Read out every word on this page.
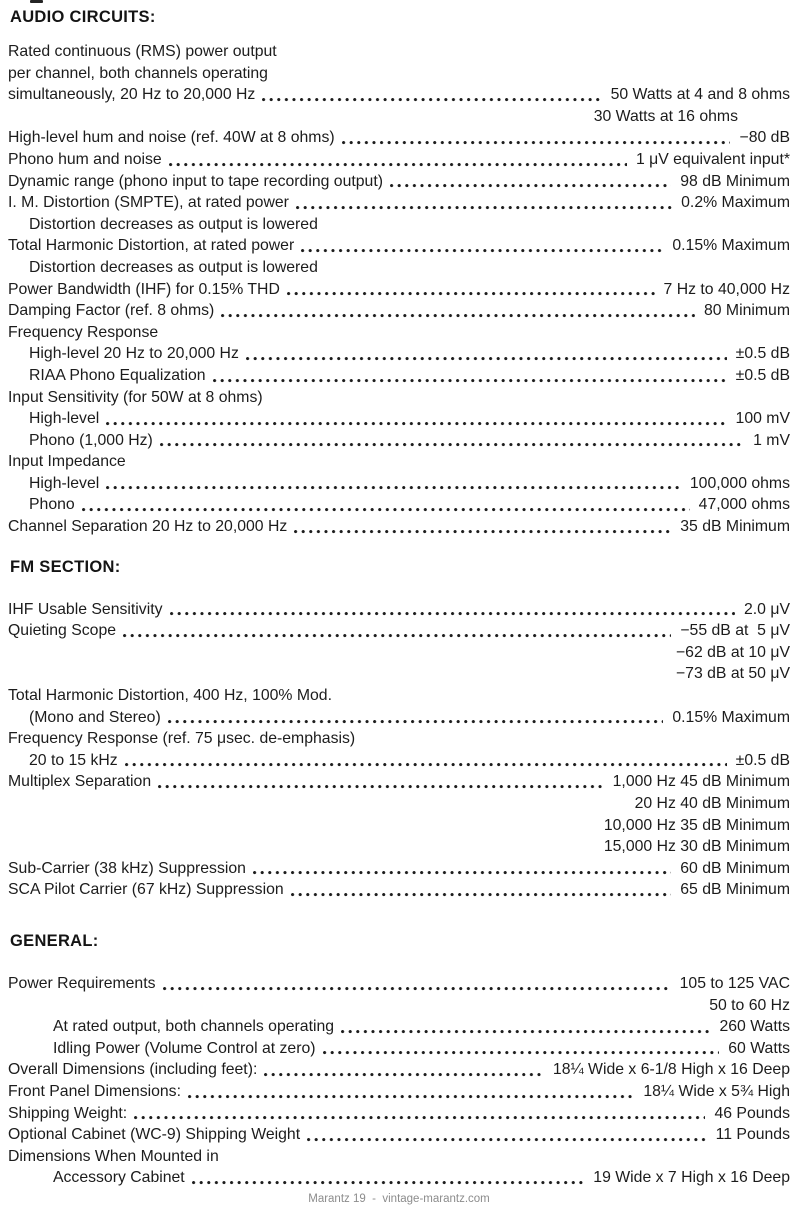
AUDIO CIRCUITS:
Rated continuous (RMS) power output
per channel, both channels operating
simultaneously, 20 Hz to 20,000 Hz	50 Watts at 4 and 8 ohms
30 Watts at 16 ohms
High-level hum and noise (ref. 40W at 8 ohms)	−80 dB
Phono hum and noise	1 μV equivalent input*
Dynamic range (phono input to tape recording output)	98 dB Minimum
I. M. Distortion (SMPTE), at rated power	0.2% Maximum
Distortion decreases as output is lowered
Total Harmonic Distortion, at rated power	0.15% Maximum
Distortion decreases as output is lowered
Power Bandwidth (IHF) for 0.15% THD	7 Hz to 40,000 Hz
Damping Factor (ref. 8 ohms)	80 Minimum
Frequency Response
High-level 20 Hz to 20,000 Hz	±0.5 dB
RIAA Phono Equalization	±0.5 dB
Input Sensitivity (for 50W at 8 ohms)
High-level	100 mV
Phono (1,000 Hz)	1 mV
Input Impedance
High-level	100,000 ohms
Phono	47,000 ohms
Channel Separation 20 Hz to 20,000 Hz	35 dB Minimum
FM SECTION:
IHF Usable Sensitivity	2.0 μV
Quieting Scope	−55 dB at  5 μV
−62 dB at 10 μV
−73 dB at 50 μV
Total Harmonic Distortion, 400 Hz, 100% Mod.
(Mono and Stereo)	0.15% Maximum
Frequency Response (ref. 75 μsec. de-emphasis)
20 to 15 kHz	±0.5 dB
Multiplex Separation	1,000 Hz 45 dB Minimum
20 Hz 40 dB Minimum
10,000 Hz 35 dB Minimum
15,000 Hz 30 dB Minimum
Sub-Carrier (38 kHz) Suppression	60 dB Minimum
SCA Pilot Carrier (67 kHz) Suppression	65 dB Minimum
GENERAL:
Power Requirements	105 to 125 VAC
50 to 60 Hz
At rated output, both channels operating	260 Watts
Idling Power (Volume Control at zero)	60 Watts
Overall Dimensions (including feet):	18¼ Wide x 6-1/8 High x 16 Deep
Front Panel Dimensions:	18¼ Wide x 5¾ High
Shipping Weight:	46 Pounds
Optional Cabinet (WC-9) Shipping Weight	11 Pounds
Dimensions When Mounted in
Accessory Cabinet	19 Wide x 7 High x 16 Deep
Marantz 19  -  vintage-marantz.com
